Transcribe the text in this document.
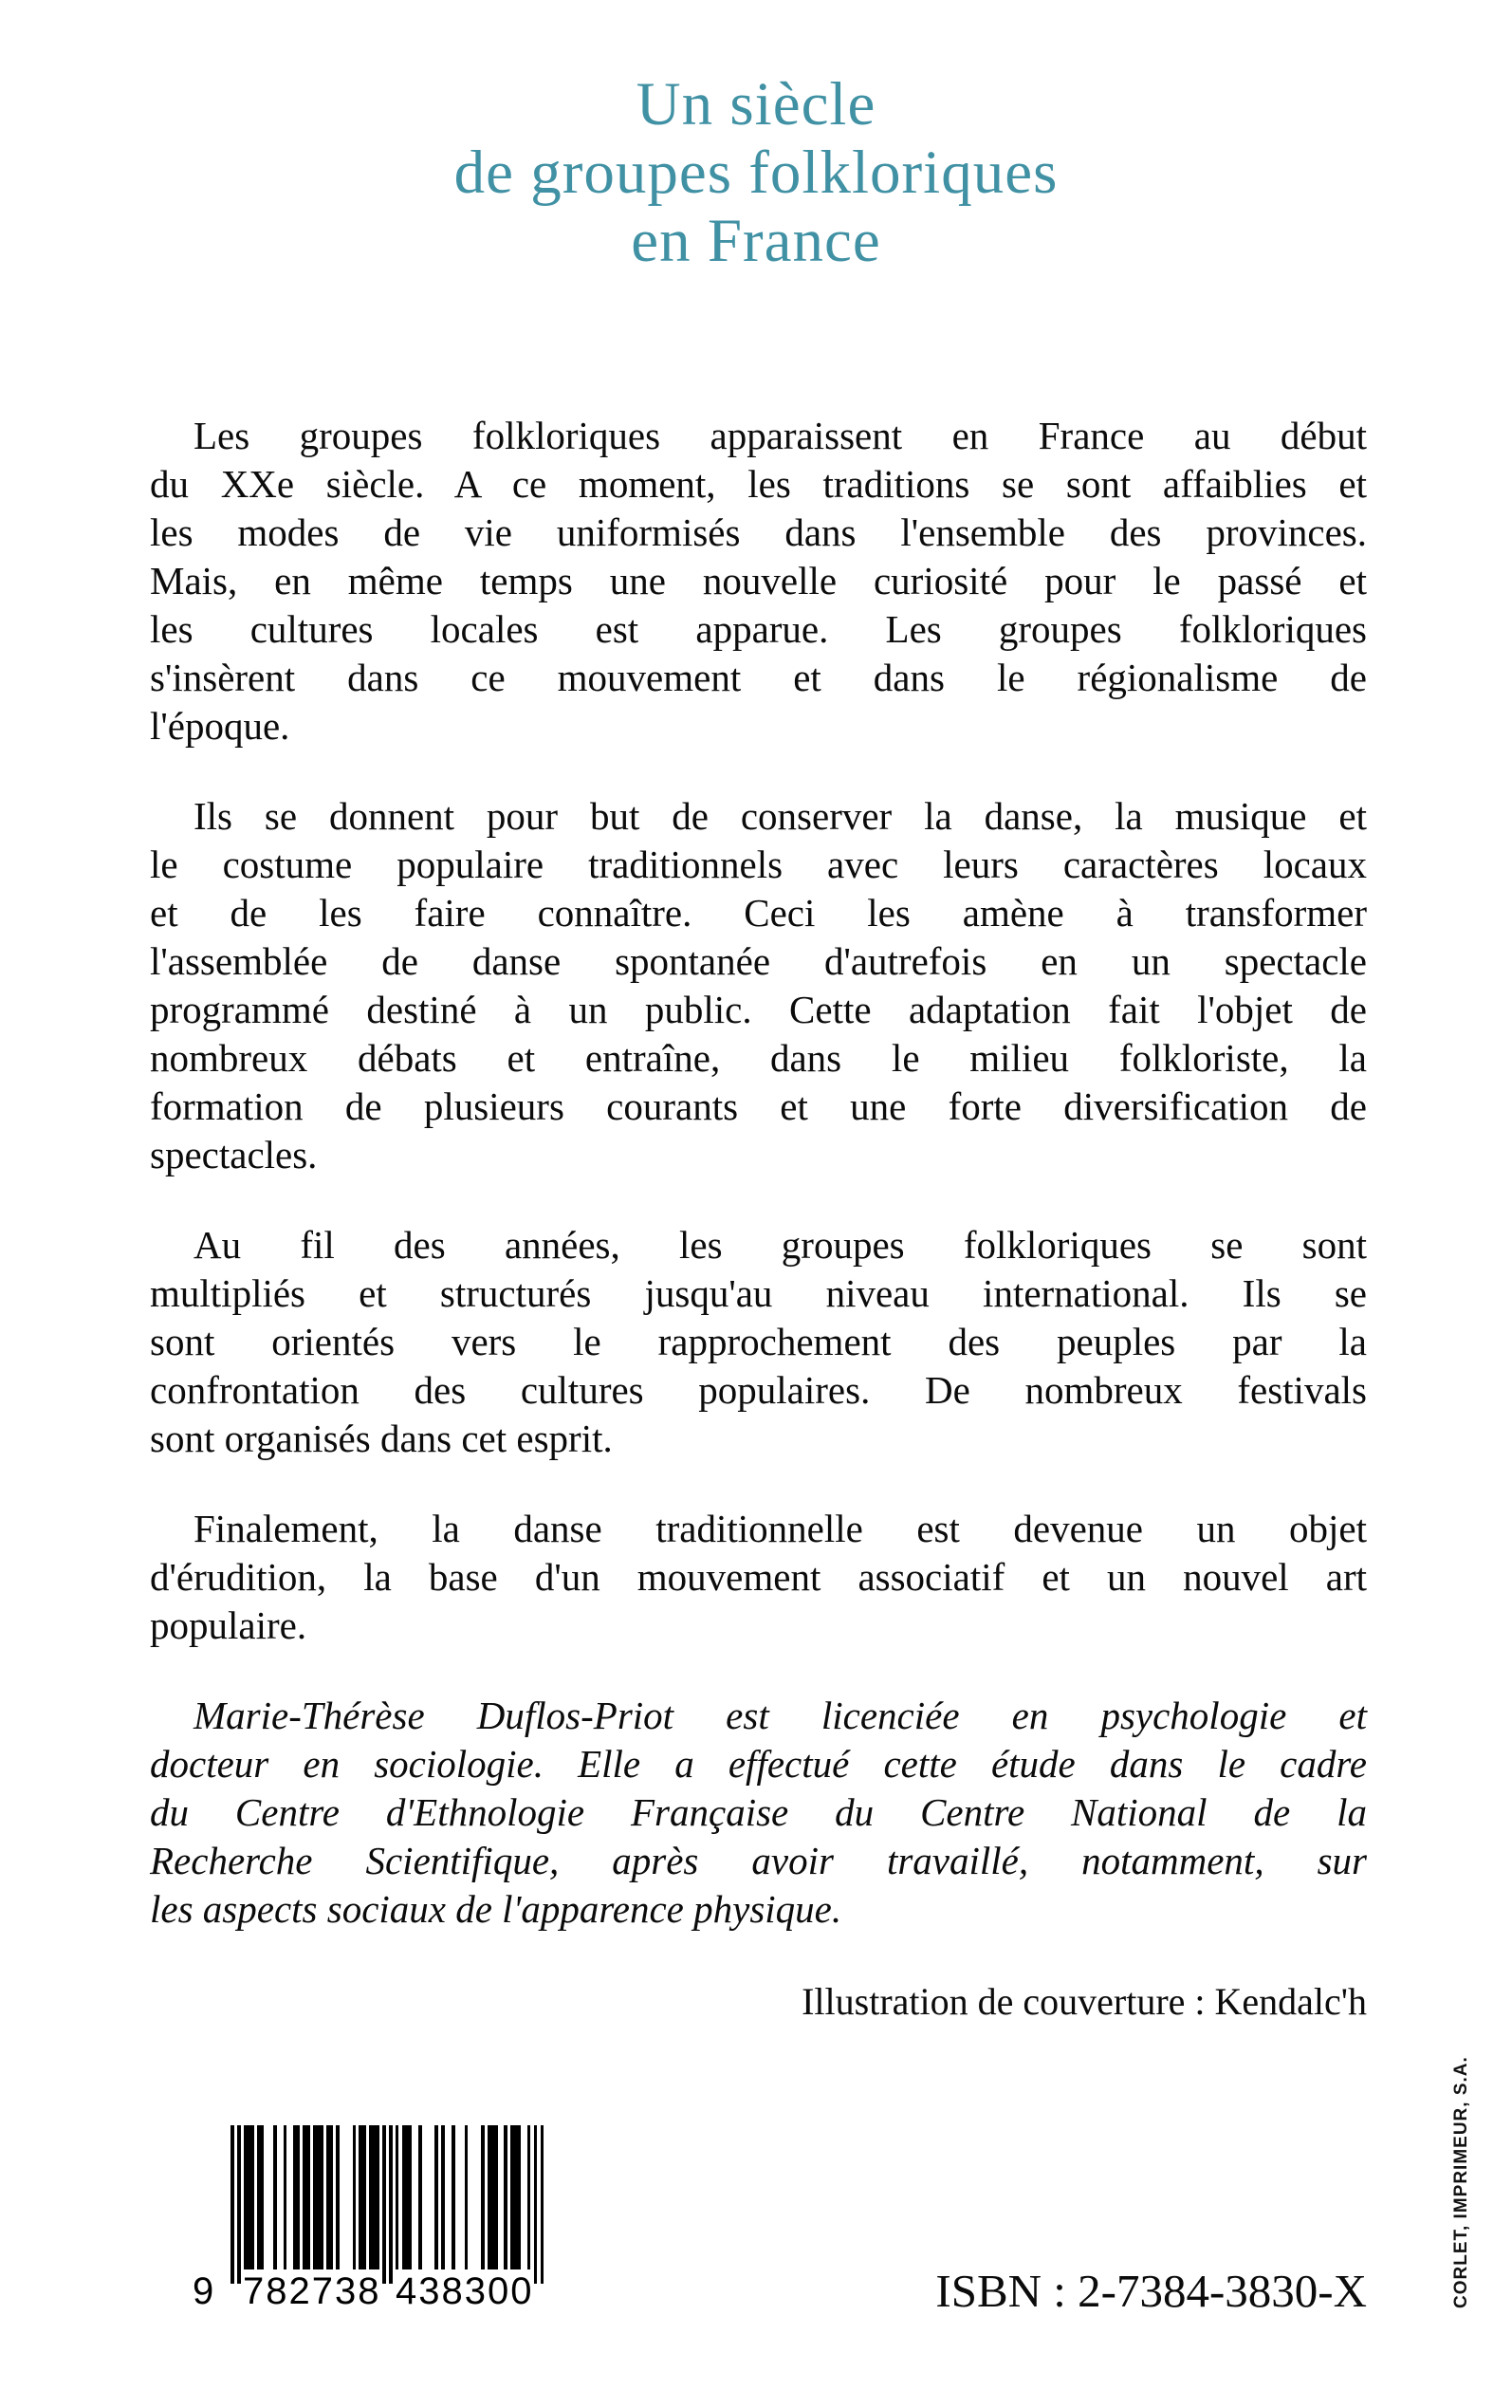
Un siècle
de groupes folkloriques
en France
Les groupes folkloriques apparaissent en France au début
du XXe siècle. A ce moment, les traditions se sont affaiblies et
les modes de vie uniformisés dans l'ensemble des provinces.
Mais, en même temps une nouvelle curiosité pour le passé et
les cultures locales est apparue. Les groupes folkloriques
s'insèrent dans ce mouvement et dans le régionalisme de
l'époque.
Ils se donnent pour but de conserver la danse, la musique et
le costume populaire traditionnels avec leurs caractères locaux
et de les faire connaître. Ceci les amène à transformer
l'assemblée de danse spontanée d'autrefois en un spectacle
programmé destiné à un public. Cette adaptation fait l'objet de
nombreux débats et entraîne, dans le milieu folkloriste, la
formation de plusieurs courants et une forte diversification de
spectacles.
Au fil des années, les groupes folkloriques se sont
multipliés et structurés jusqu'au niveau international. Ils se
sont orientés vers le rapprochement des peuples par la
confrontation des cultures populaires. De nombreux festivals
sont organisés dans cet esprit.
Finalement, la danse traditionnelle est devenue un objet
d'érudition, la base d'un mouvement associatif et un nouvel art
populaire.
Marie-Thérèse Duflos-Priot est licenciée en psychologie et
docteur en sociologie. Elle a effectué cette étude dans le cadre
du Centre d'Ethnologie Française du Centre National de la
Recherche Scientifique, après avoir travaillé, notamment, sur
les aspects sociaux de l'apparence physique.
Illustration de couverture : Kendalc'h
9 782738 438300	ISBN : 2-7384-3830-X	CORLET, IMPRIMEUR, S.A.
